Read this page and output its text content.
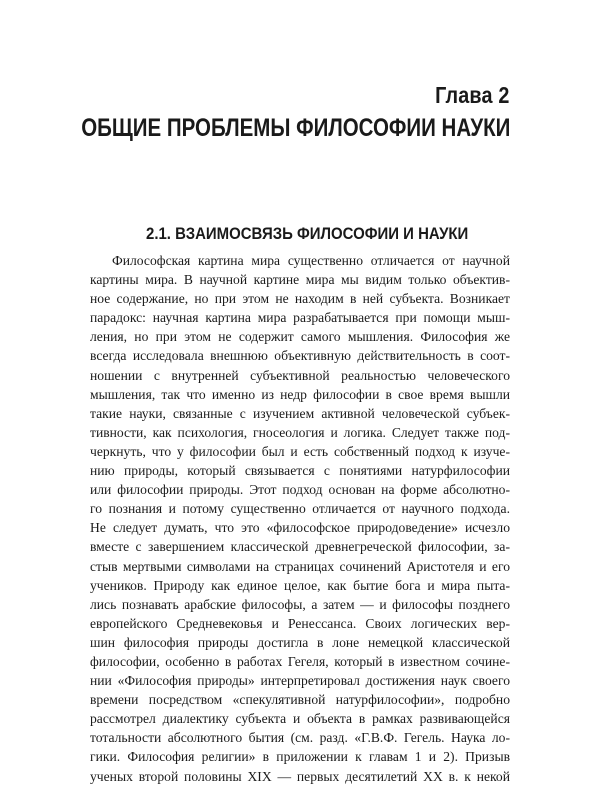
Глава 2
ОБЩИЕ ПРОБЛЕМЫ ФИЛОСОФИИ НАУКИ
2.1. ВЗАИМОСВЯЗЬ ФИЛОСОФИИ И НАУКИ
Философская картина мира существенно отличается от научной
картины мира. В научной картине мира мы видим только объектив-
ное содержание, но при этом не находим в ней субъекта. Возникает
парадокс: научная картина мира разрабатывается при помощи мыш-
ления, но при этом не содержит самого мышления. Философия же
всегда исследовала внешнюю объективную действительность в соот-
ношении с внутренней субъективной реальностью человеческого
мышления, так что именно из недр философии в свое время вышли
такие науки, связанные с изучением активной человеческой субъек-
тивности, как психология, гносеология и логика. Следует также под-
черкнуть, что у философии был и есть собственный подход к изуче-
нию природы, который связывается с понятиями натурфилософии
или философии природы. Этот подход основан на форме абсолютно-
го познания и потому существенно отличается от научного подхода.
Не следует думать, что это «философское природоведение» исчезло
вместе с завершением классической древнегреческой философии, за-
стыв мертвыми символами на страницах сочинений Аристотеля и его
учеников. Природу как единое целое, как бытие бога и мира пыта-
лись познавать арабские философы, а затем — и философы позднего
европейского Средневековья и Ренессанса. Своих логических вер-
шин философия природы достигла в лоне немецкой классической
философии, особенно в работах Гегеля, который в известном сочине-
нии «Философия природы» интерпретировал достижения наук своего
времени посредством «спекулятивной натурфилософии», подробно
рассмотрел диалектику субъекта и объекта в рамках развивающейся
тотальности абсолютного бытия (см. разд. «Г.В.Ф. Гегель. Наука ло-
гики. Философия религии» в приложении к главам 1 и 2). Призыв
ученых второй половины XIX — первых десятилетий XX в. к некой
